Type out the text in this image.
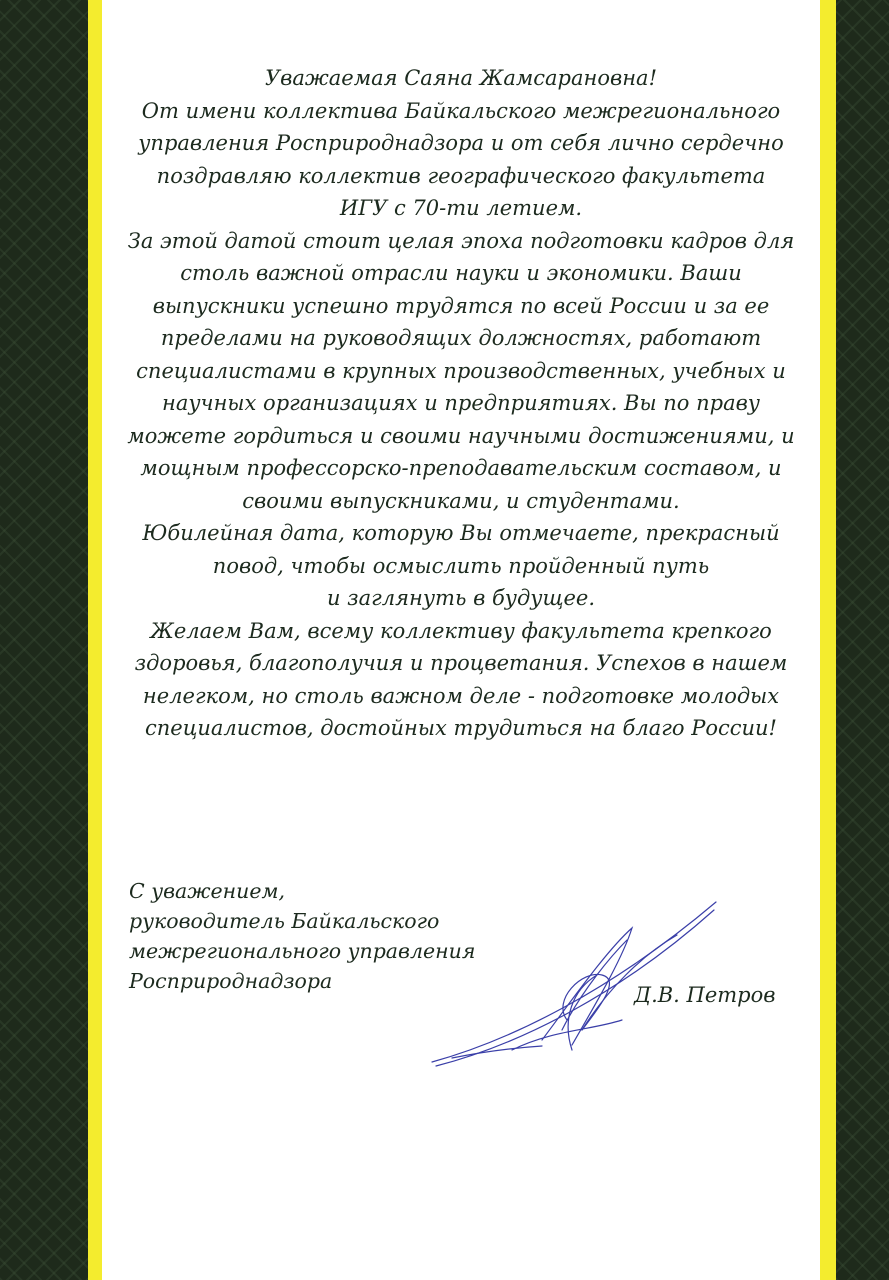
Уважаемая Саяна Жамсарановна!
От имени коллектива Байкальского межрегионального
управления Росприроднадзора и от себя лично сердечно
поздравляю коллектив географического факультета
ИГУ с 70-ти летием.
За этой датой стоит целая эпоха подготовки кадров для
столь важной отрасли науки и экономики. Ваши
выпускники успешно трудятся по всей России и за ее
пределами на руководящих должностях, работают
специалистами в крупных производственных, учебных и
научных организациях и предприятиях. Вы по праву
можете гордиться и своими научными достижениями, и
мощным профессорско-преподавательским составом, и
своими выпускниками, и студентами.
Юбилейная дата, которую Вы отмечаете, прекрасный
повод, чтобы осмыслить пройденный путь
и заглянуть в будущее.
Желаем Вам, всему коллективу факультета крепкого
здоровья, благополучия и процветания. Успехов в нашем
нелегком, но столь важном деле - подготовке молодых
специалистов, достойных трудиться на благо России!
С уважением,
руководитель Байкальского
межрегионального управления
Росприроднадзора
Д.В. Петров
